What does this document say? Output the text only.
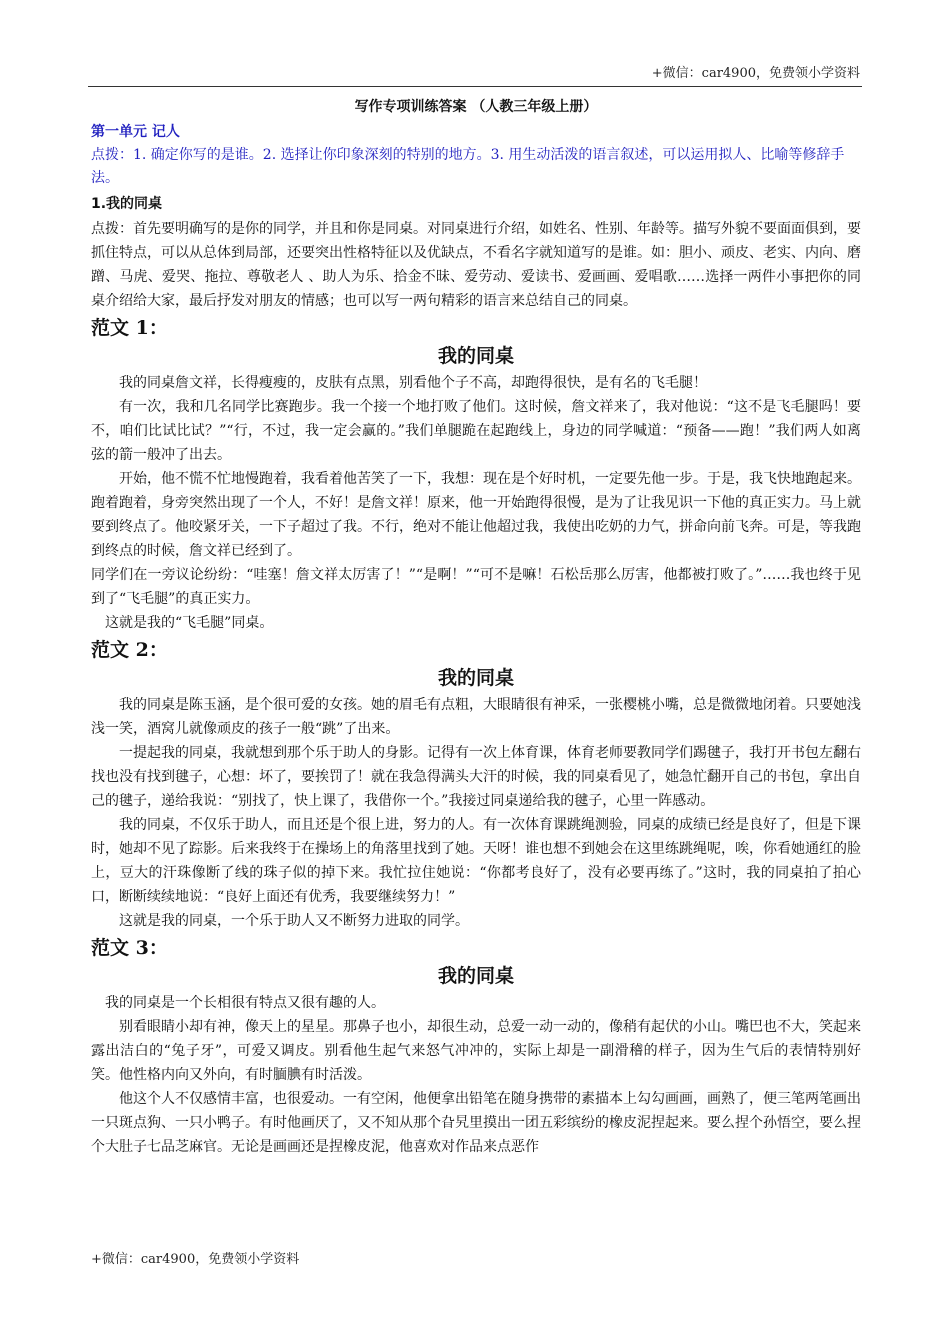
+微信：car4900，免费领小学资料

写作专项训练答案 （人教三年级上册）

第一单元 记人

点拨：1. 确定你写的是谁。2. 选择让你印象深刻的特别的地方。3. 用生动活泼的语言叙述，可以运用拟人、比喻等修辞手法。

1.我的同桌

点拨：首先要明确写的是你的同学，并且和你是同桌。对同桌进行介绍，如姓名、性别、年龄等。描写外貌不要面面俱到，要抓住特点，可以从总体到局部，还要突出性格特征以及优缺点，不看名字就知道写的是谁。如：胆小、顽皮、老实、内向、磨蹭、马虎、爱哭、拖拉、尊敬老人 、助人为乐、拾金不昧、爱劳动、爱读书、爱画画、爱唱歌……选择一两件小事把你的同桌介绍给大家，最后抒发对朋友的情感；也可以写一两句精彩的语言来总结自己的同桌。

范文 1：

我的同桌

我的同桌詹文祥，长得瘦瘦的，皮肤有点黑，别看他个子不高，却跑得很快，是有名的飞毛腿！

有一次，我和几名同学比赛跑步。我一个接一个地打败了他们。这时候，詹文祥来了，我对他说：“这不是飞毛腿吗！要不，咱们比试比试？”“行，不过，我一定会赢的。”我们单腿跪在起跑线上，身边的同学喊道：“预备——跑！”我们两人如离弦的箭一般冲了出去。

开始，他不慌不忙地慢跑着，我看着他苦笑了一下，我想：现在是个好时机，一定要先他一步。于是，我飞快地跑起来。跑着跑着，身旁突然出现了一个人，不好！是詹文祥！原来，他一开始跑得很慢，是为了让我见识一下他的真正实力。马上就要到终点了。他咬紧牙关，一下子超过了我。不行，绝对不能让他超过我，我使出吃奶的力气，拼命向前飞奔。可是，等我跑到终点的时候，詹文祥已经到了。

同学们在一旁议论纷纷：“哇塞！詹文祥太厉害了！”“是啊！”“可不是嘛！石松岳那么厉害，他都被打败了。”……我也终于见到了“飞毛腿”的真正实力。

这就是我的“飞毛腿”同桌。

范文 2：

我的同桌

我的同桌是陈玉涵，是个很可爱的女孩。她的眉毛有点粗，大眼睛很有神采，一张樱桃小嘴，总是微微地闭着。只要她浅浅一笑，酒窝儿就像顽皮的孩子一般“跳”了出来。

一提起我的同桌，我就想到那个乐于助人的身影。记得有一次上体育课，体育老师要教同学们踢毽子，我打开书包左翻右找也没有找到毽子，心想：坏了，要挨罚了！就在我急得满头大汗的时候，我的同桌看见了，她急忙翻开自己的书包，拿出自己的毽子，递给我说：“别找了，快上课了，我借你一个。”我接过同桌递给我的毽子，心里一阵感动。

我的同桌，不仅乐于助人，而且还是个很上进，努力的人。有一次体育课跳绳测验，同桌的成绩已经是良好了，但是下课时，她却不见了踪影。后来我终于在操场上的角落里找到了她。天呀！谁也想不到她会在这里练跳绳呢，唉，你看她通红的脸上，豆大的汗珠像断了线的珠子似的掉下来。我忙拉住她说：“你都考良好了，没有必要再练了。”这时，我的同桌拍了拍心口，断断续续地说：“良好上面还有优秀，我要继续努力！”

这就是我的同桌，一个乐于助人又不断努力进取的同学。

范文 3：

我的同桌

我的同桌是一个长相很有特点又很有趣的人。

别看眼睛小却有神，像天上的星星。那鼻子也小，却很生动，总爱一动一动的，像稍有起伏的小山。嘴巴也不大，笑起来露出洁白的“兔子牙”，可爱又调皮。别看他生起气来怒气冲冲的，实际上却是一副滑稽的样子，因为生气后的表情特别好笑。他性格内向又外向，有时腼腆有时活泼。

他这个人不仅感情丰富，也很爱动。一有空闲，他便拿出铅笔在随身携带的素描本上勾勾画画，画熟了，便三笔两笔画出一只斑点狗、一只小鸭子。有时他画厌了，又不知从那个旮旯里摸出一团五彩缤纷的橡皮泥捏起来。要么捏个孙悟空，要么捏个大肚子七品芝麻官。无论是画画还是捏橡皮泥，他喜欢对作品来点恶作

+微信：car4900，免费领小学资料
